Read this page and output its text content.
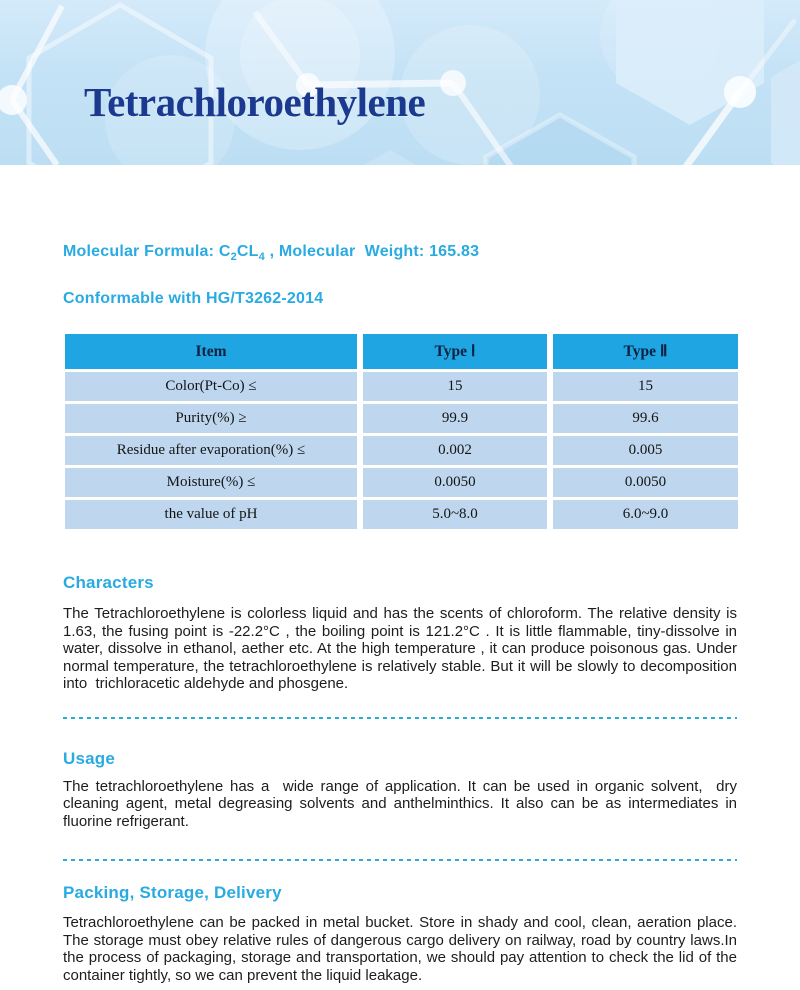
Tetrachloroethylene

Molecular Formula: $C_2CL_4$ , Molecular  Weight: 165.83

Conformable with HG/T3262-2014

Item	Type Ⅰ	Type Ⅱ
Color(Pt-Co) ≤	15	15
Purity(%) ≥	99.9	99.6
Residue after evaporation(%) ≤	0.002	0.005
Moisture(%) ≤	0.0050	0.0050
the value of pH	5.0~8.0	6.0~9.0
Characters

The Tetrachloroethylene is colorless liquid and has the scents of chloroform. The relative density is 1.63, the fusing point is -22.2°C , the boiling point is 121.2°C . It is little flammable, tiny-dissolve in water, dissolve in ethanol, aether etc. At the high temperature , it can produce poisonous gas. Under normal temperature, the tetrachloroethylene is relatively stable. But it will be slowly to decomposition into  trichloracetic aldehyde and phosgene.

Usage

The tetrachloroethylene has a  wide range of application. It can be used in organic solvent,  dry cleaning agent, metal degreasing solvents and anthelminthics. It also can be as intermediates in fluorine refrigerant.

Packing, Storage, Delivery

Tetrachloroethylene can be packed in metal bucket. Store in shady and cool, clean, aeration place. The storage must obey relative rules of dangerous cargo delivery on railway, road by country laws.In the process of packaging, storage and transportation, we should pay attention to check the lid of the container tightly, so we can prevent the liquid leakage.
